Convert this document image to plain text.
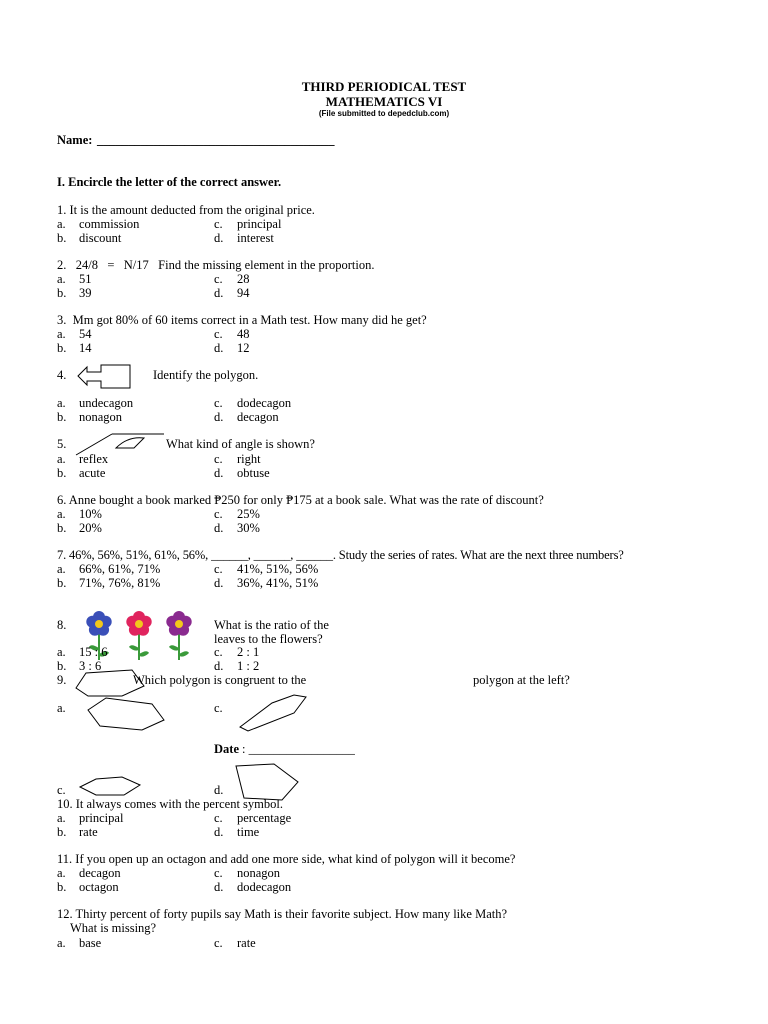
THIRD PERIODICAL TEST
MATHEMATICS VI
(File submitted to depedclub.com)
Name: ______________________________________
I. Encircle the letter of the correct answer.
1. It is the amount deducted from the original price.
a. commission	c. principal
b. discount	d. interest
2.   24/8   =   N/17   Find the missing element in the proportion.
a. 51	c. 28
b. 39	d. 94
3.  Mm got 80% of 60 items correct in a Math test. How many did he get?
a. 54	c. 48
b. 14	d. 12
4.	Identify the polygon.
a. undecagon	c. dodecagon
b. nonagon	d. decagon
5.	What kind of angle is shown?
a. reflex	c. right
b. acute	d. obtuse
6. Anne bought a book marked ₱250 for only ₱175 at a book sale. What was the rate of discount?
a. 10%	c. 25%
b. 20%	d. 30%
7. 46%, 56%, 51%, 61%, 56%, ______, ______, ______. Study the series of rates. What are the next three numbers?
a. 66%, 61%, 71%	c. 41%, 51%, 56%
b. 71%, 76%, 81%	d. 36%, 41%, 51%
8.	What is the ratio of the
leaves to the flowers?
a. 15 : 6	c. 2 : 1
b. 3 : 6	d. 1 : 2
9.	Which polygon is congruent to the	polygon at the left?
a.	c.
Date : _________________
c.	d.
10. It always comes with the percent symbol.
a. principal	c. percentage
b. rate	d. time
11. If you open up an octagon and add one more side, what kind of polygon will it become?
a. decagon	c. nonagon
b. octagon	d. dodecagon
12. Thirty percent of forty pupils say Math is their favorite subject. How many like Math?
What is missing?
a. base	c. rate
